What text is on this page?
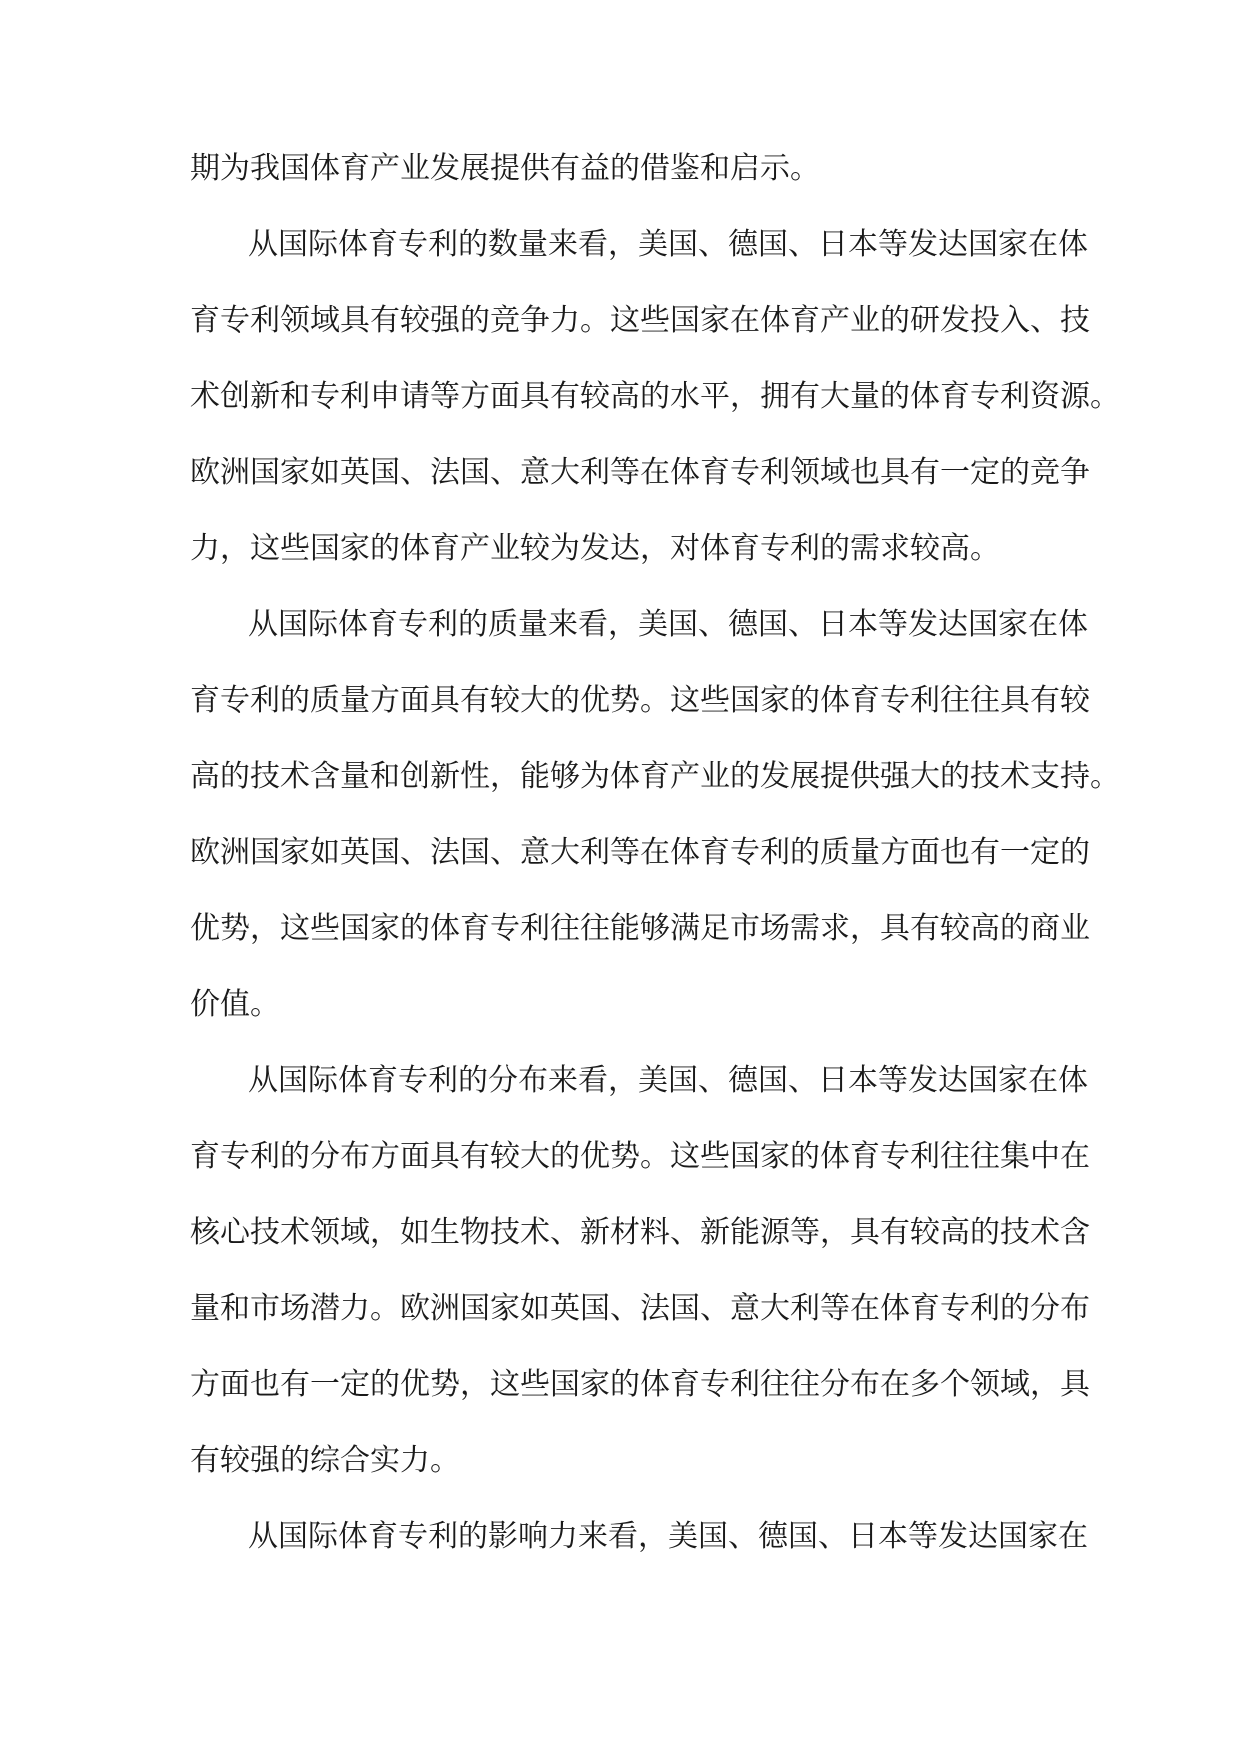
期为我国体育产业发展提供有益的借鉴和启示。
从国际体育专利的数量来看，美国、德国、日本等发达国家在体
育专利领域具有较强的竞争力。这些国家在体育产业的研发投入、技
术创新和专利申请等方面具有较高的水平，拥有大量的体育专利资源。
欧洲国家如英国、法国、意大利等在体育专利领域也具有一定的竞争
力，这些国家的体育产业较为发达，对体育专利的需求较高。
从国际体育专利的质量来看，美国、德国、日本等发达国家在体
育专利的质量方面具有较大的优势。这些国家的体育专利往往具有较
高的技术含量和创新性，能够为体育产业的发展提供强大的技术支持。
欧洲国家如英国、法国、意大利等在体育专利的质量方面也有一定的
优势，这些国家的体育专利往往能够满足市场需求，具有较高的商业
价值。
从国际体育专利的分布来看，美国、德国、日本等发达国家在体
育专利的分布方面具有较大的优势。这些国家的体育专利往往集中在
核心技术领域，如生物技术、新材料、新能源等，具有较高的技术含
量和市场潜力。欧洲国家如英国、法国、意大利等在体育专利的分布
方面也有一定的优势，这些国家的体育专利往往分布在多个领域，具
有较强的综合实力。
从国际体育专利的影响力来看，美国、德国、日本等发达国家在
